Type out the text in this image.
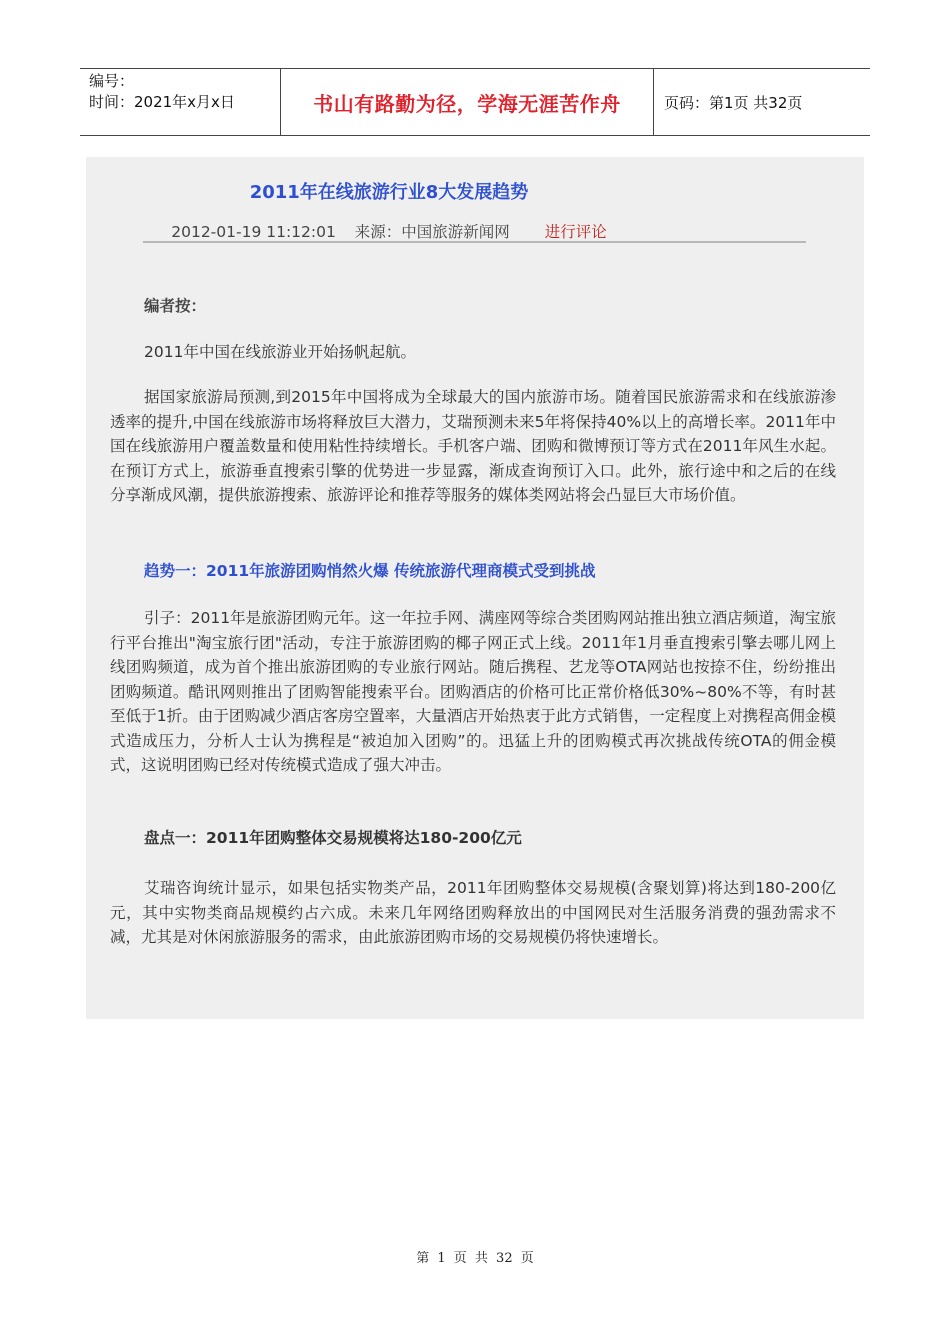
编号：
时间：2021年x月x日	书山有路勤为径，学海无涯苦作舟	页码：第1页 共32页
2011年在线旅游行业8大发展趋势
2012-01-19 11:12:01 来源：中国旅游新闻网 进行评论
编者按：
2011年中国在线旅游业开始扬帆起航。
据国家旅游局预测,到2015年中国将成为全球最大的国内旅游市场。随着国民旅游需求和在线旅游渗透率的提升,中国在线旅游市场将释放巨大潜力，艾瑞预测未来5年将保持40%以上的高增长率。2011年中国在线旅游用户覆盖数量和使用粘性持续增长。手机客户端、团购和微博预订等方式在2011年风生水起。在预订方式上，旅游垂直搜索引擎的优势进一步显露，渐成查询预订入口。此外，旅行途中和之后的在线分享渐成风潮，提供旅游搜索、旅游评论和推荐等服务的媒体类网站将会凸显巨大市场价值。
趋势一：2011年旅游团购悄然火爆 传统旅游代理商模式受到挑战
引子：2011年是旅游团购元年。这一年拉手网、满座网等综合类团购网站推出独立酒店频道，淘宝旅行平台推出"淘宝旅行团"活动，专注于旅游团购的椰子网正式上线。2011年1月垂直搜索引擎去哪儿网上线团购频道，成为首个推出旅游团购的专业旅行网站。随后携程、艺龙等OTA网站也按捺不住，纷纷推出团购频道。酷讯网则推出了团购智能搜索平台。团购酒店的价格可比正常价格低30%~80%不等，有时甚至低于1折。由于团购减少酒店客房空置率，大量酒店开始热衷于此方式销售，一定程度上对携程高佣金模式造成压力，分析人士认为携程是“被迫加入团购”的。迅猛上升的团购模式再次挑战传统OTA的佣金模式，这说明团购已经对传统模式造成了强大冲击。
盘点一：2011年团购整体交易规模将达180-200亿元
艾瑞咨询统计显示，如果包括实物类产品，2011年团购整体交易规模(含聚划算)将达到180-200亿元，其中实物类商品规模约占六成。未来几年网络团购释放出的中国网民对生活服务消费的强劲需求不减，尤其是对休闲旅游服务的需求，由此旅游团购市场的交易规模仍将快速增长。
第 1 页 共 32 页
